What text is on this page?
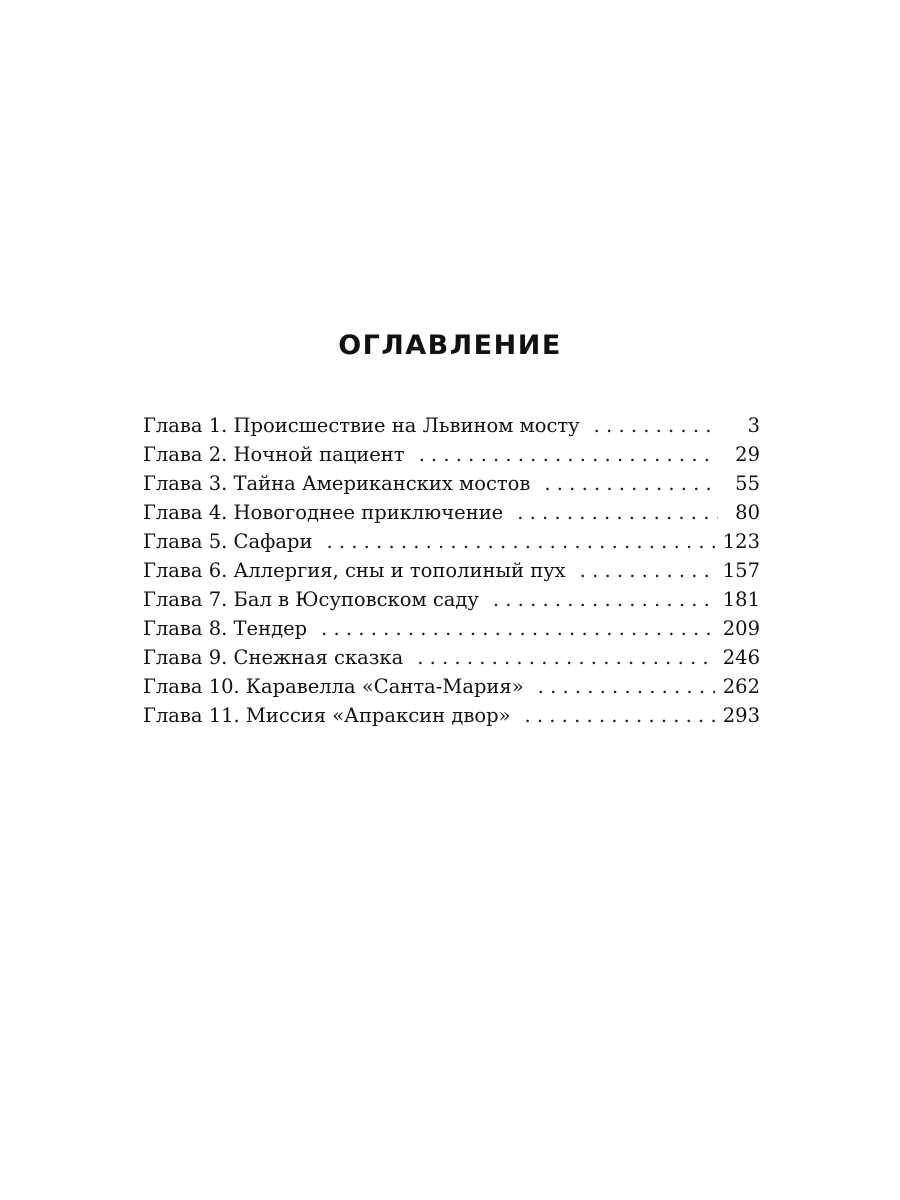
ОГЛАВЛЕНИЕ
Глава 1. Происшествие на Львином мосту . . .	3
Глава 2. Ночной пациент . . .	29
Глава 3. Тайна Американских мостов . . .	55
Глава 4. Новогоднее приключение . . .	80
Глава 5. Сафари . . .	123
Глава 6. Аллергия, сны и тополиный пух . . .	157
Глава 7. Бал в Юсуповском саду . . .	181
Глава 8. Тендер . . .	209
Глава 9. Снежная сказка . . .	246
Глава 10. Каравелла «Санта-Мария» . . .	262
Глава 11. Миссия «Апраксин двор» . . .	293
